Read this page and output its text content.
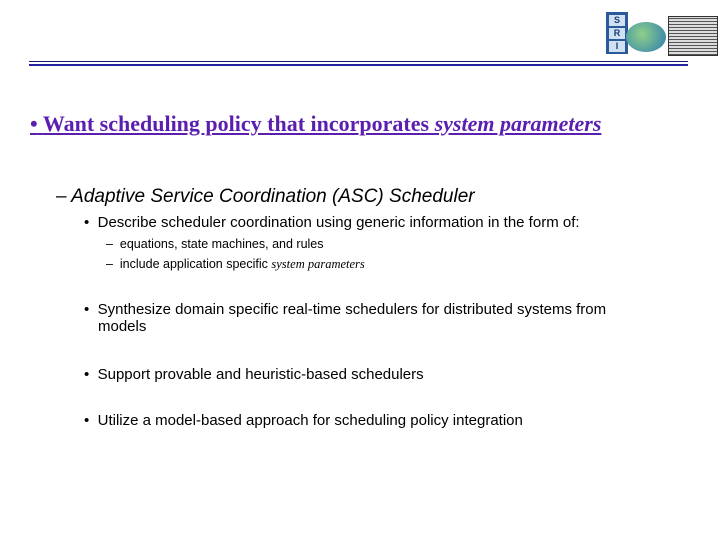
S
R
I
• Want scheduling policy that incorporates system parameters
– Adaptive Service Coordination (ASC) Scheduler
• Describe scheduler coordination using generic information in the form of:
– equations, state machines, and rules
– include application specific system parameters
• Synthesize domain specific real-time schedulers for distributed systems from
models
• Support provable and heuristic-based schedulers
• Utilize a model-based approach for scheduling policy integration
